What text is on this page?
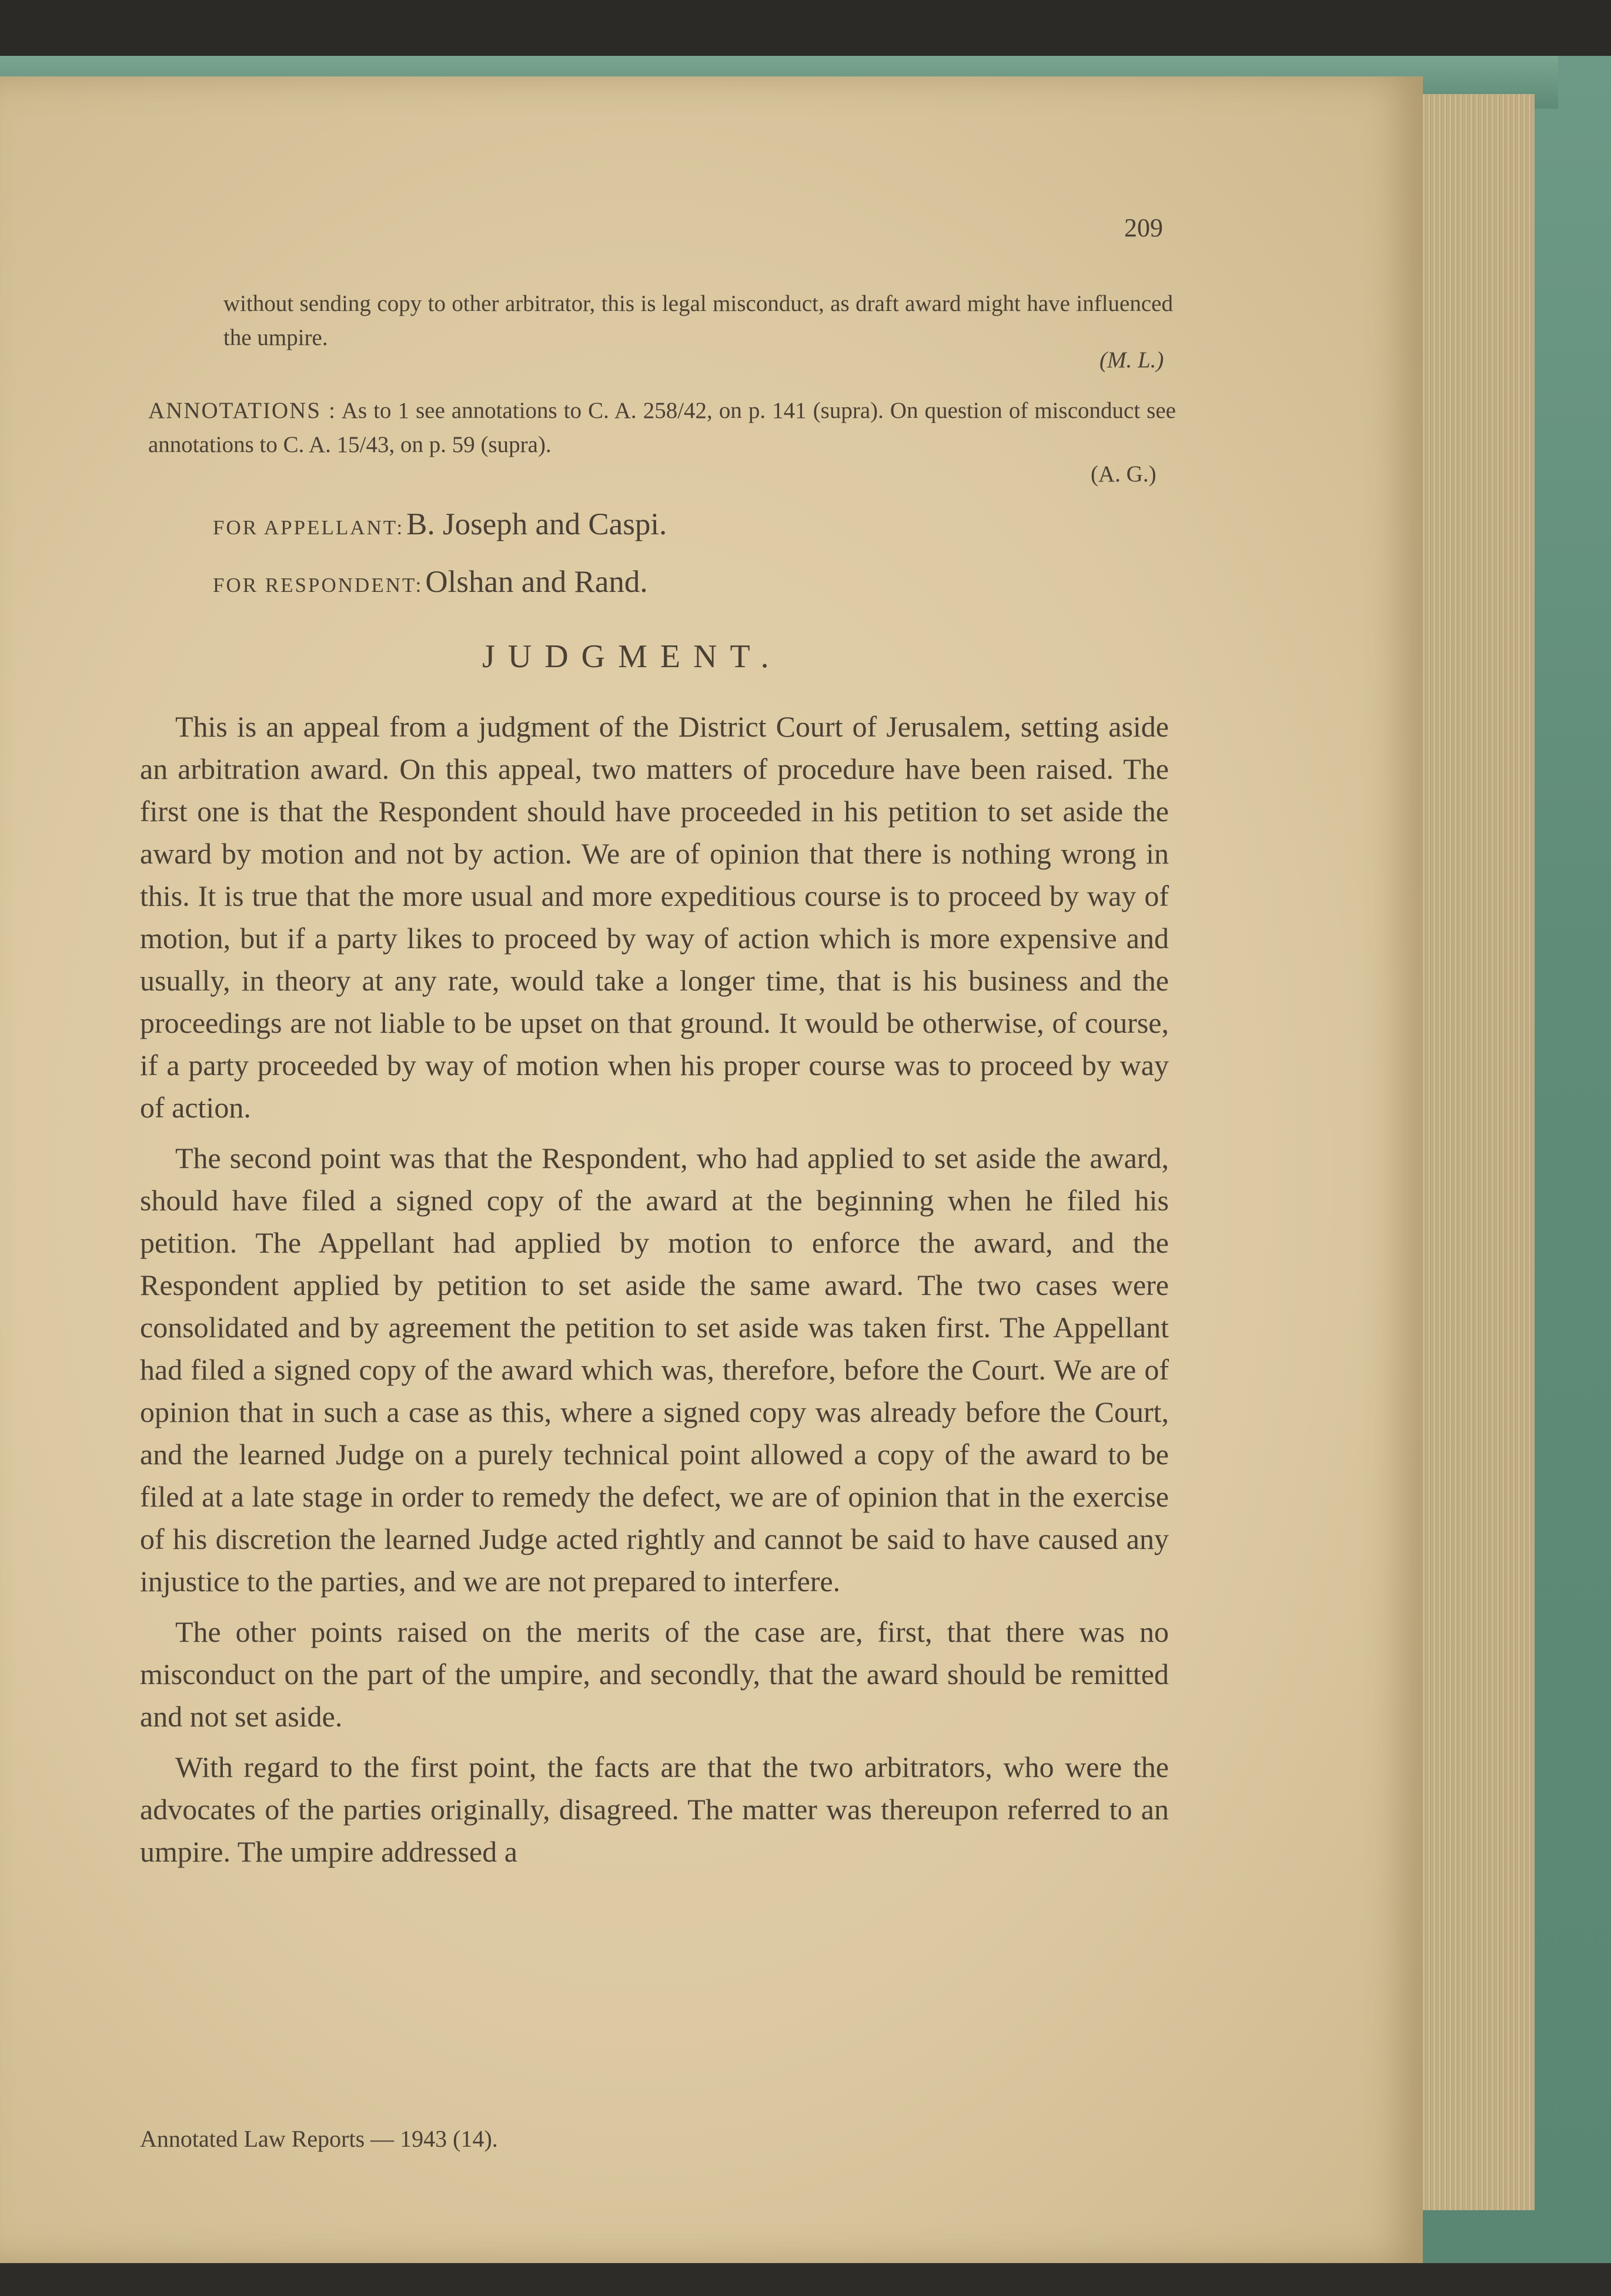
209
without sending copy to other arbitrator, this is legal misconduct, as draft award might have influenced the umpire.
(M. L.)
ANNOTATIONS : As to 1 see annotations to C. A. 258/42, on p. 141 (supra). On question of misconduct see annotations to C. A. 15/43, on p. 59 (supra).
(A. G.)
FOR APPELLANT: B. Joseph and Caspi.
FOR RESPONDENT: Olshan and Rand.
JUDGMENT.

This is an appeal from a judgment of the District Court of Jerusalem, setting aside an arbitration award. On this appeal, two matters of procedure have been raised. The first one is that the Respondent should have proceeded in his petition to set aside the award by motion and not by action. We are of opinion that there is nothing wrong in this. It is true that the more usual and more expeditious course is to proceed by way of motion, but if a party likes to proceed by way of action which is more expensive and usually, in theory at any rate, would take a longer time, that is his business and the proceedings are not liable to be upset on that ground. It would be otherwise, of course, if a party proceeded by way of motion when his proper course was to proceed by way of action.

The second point was that the Respondent, who had applied to set aside the award, should have filed a signed copy of the award at the beginning when he filed his petition. The Appellant had applied by motion to enforce the award, and the Respondent applied by petition to set aside the same award. The two cases were consolidated and by agreement the petition to set aside was taken first. The Appellant had filed a signed copy of the award which was, therefore, before the Court. We are of opinion that in such a case as this, where a signed copy was already before the Court, and the learned Judge on a purely technical point allowed a copy of the award to be filed at a late stage in order to remedy the defect, we are of opinion that in the exercise of his discretion the learned Judge acted rightly and cannot be said to have caused any injustice to the parties, and we are not prepared to interfere.

The other points raised on the merits of the case are, first, that there was no misconduct on the part of the umpire, and secondly, that the award should be remitted and not set aside.

With regard to the first point, the facts are that the two arbitrators, who were the advocates of the parties originally, disagreed. The matter was thereupon referred to an umpire. The umpire addressed a

Annotated Law Reports — 1943 (14).
